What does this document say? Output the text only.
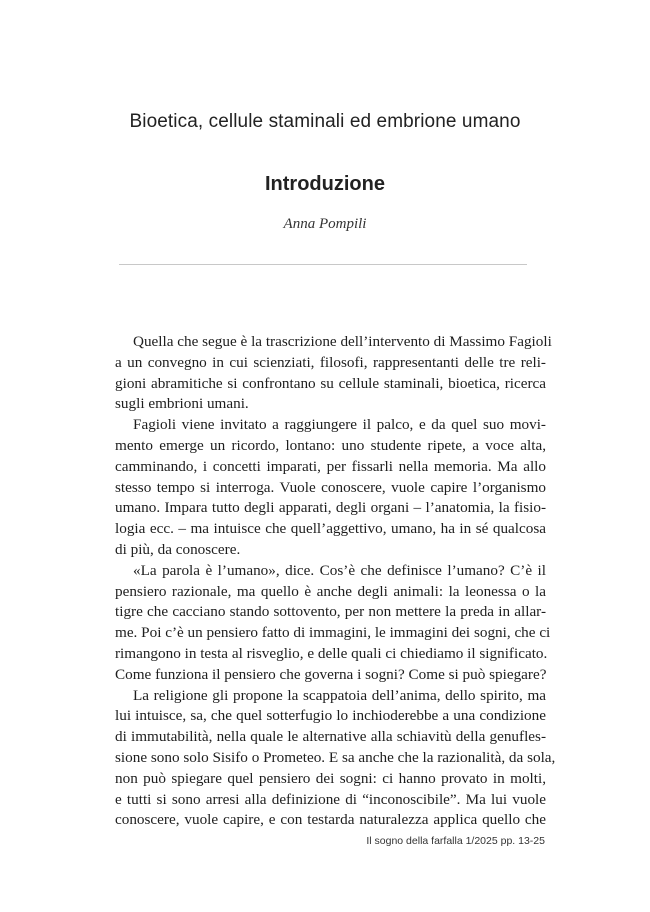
Bioetica, cellule staminali ed embrione umano
Introduzione
Anna Pompili
Quella che segue è la trascrizione dell’intervento di Massimo Fagioli
a un convegno in cui scienziati, filosofi, rappresentanti delle tre reli-
gioni abramitiche si confrontano su cellule staminali, bioetica, ricerca
sugli embrioni umani.
Fagioli viene invitato a raggiungere il palco, e da quel suo movi-
mento emerge un ricordo, lontano: uno studente ripete, a voce alta,
camminando, i concetti imparati, per fissarli nella memoria. Ma allo
stesso tempo si interroga. Vuole conoscere, vuole capire l’organismo
umano. Impara tutto degli apparati, degli organi – l’anatomia, la fisio-
logia ecc. – ma intuisce che quell’aggettivo, umano, ha in sé qualcosa
di più, da conoscere.
«La parola è l’umano», dice. Cos’è che definisce l’umano? C’è il
pensiero razionale, ma quello è anche degli animali: la leonessa o la
tigre che cacciano stando sottovento, per non mettere la preda in allar-
me. Poi c’è un pensiero fatto di immagini, le immagini dei sogni, che ci
rimangono in testa al risveglio, e delle quali ci chiediamo il significato.
Come funziona il pensiero che governa i sogni? Come si può spiegare?
La religione gli propone la scappatoia dell’anima, dello spirito, ma
lui intuisce, sa, che quel sotterfugio lo inchioderebbe a una condizione
di immutabilità, nella quale le alternative alla schiavitù della genufles-
sione sono solo Sisifo o Prometeo. E sa anche che la razionalità, da sola,
non può spiegare quel pensiero dei sogni: ci hanno provato in molti,
e tutti si sono arresi alla definizione di “inconoscibile”. Ma lui vuole
conoscere, vuole capire, e con testarda naturalezza applica quello che
Il sogno della farfalla 1/2025 pp. 13-25
